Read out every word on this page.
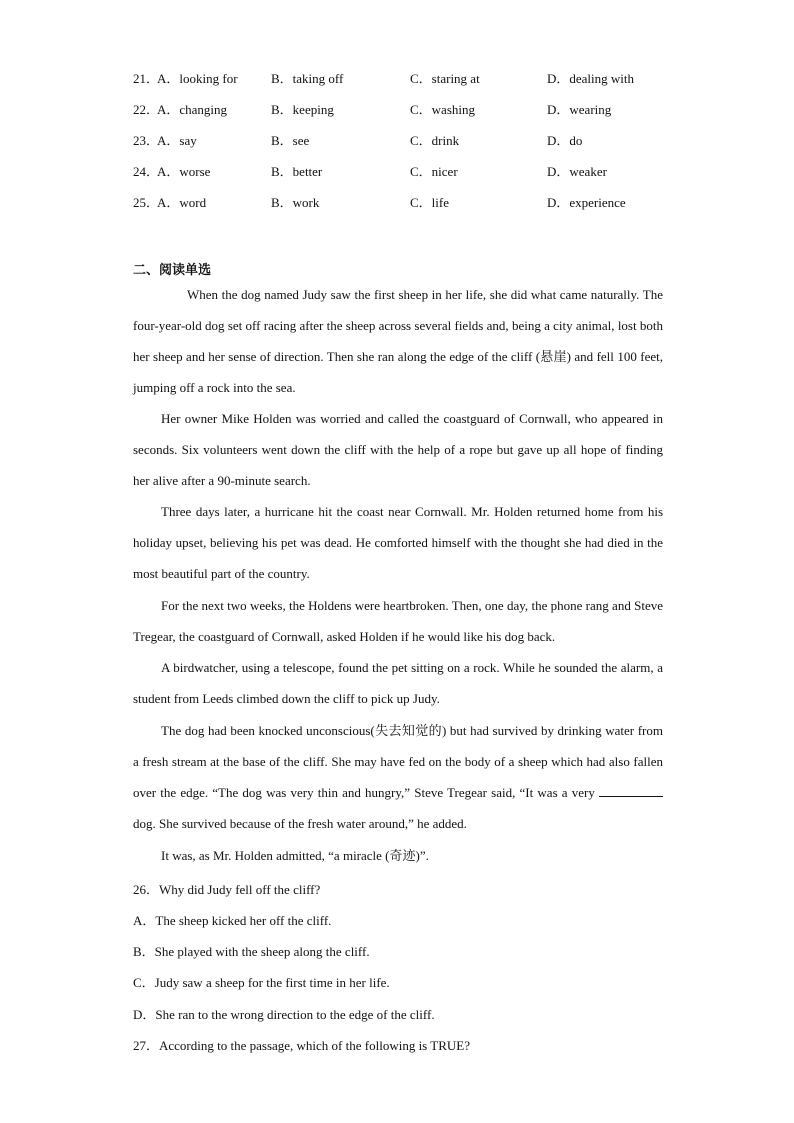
21．
A．looking for	B．taking off	C．staring at	D．dealing with
22．
A．changing	B．keeping	C．washing	D．wearing
23．
A．say	B．see	C．drink	D．do
24．
A．worse	B．better	C．nicer	D．weaker
25．
A．word	B．work	C．life	D．experience
二、阅读单选
When the dog named Judy saw the first sheep in her life, she did what came naturally. The four-year-old dog set off racing after the sheep across several fields and, being a city animal, lost both her sheep and her sense of direction. Then she ran along the edge of the cliff (悬崖) and fell 100 feet, jumping off a rock into the sea.
Her owner Mike Holden was worried and called the coastguard of Cornwall, who appeared in seconds. Six volunteers went down the cliff with the help of a rope but gave up all hope of finding her alive after a 90-minute search.
Three days later, a hurricane hit the coast near Cornwall. Mr. Holden returned home from his holiday upset, believing his pet was dead. He comforted himself with the thought she had died in the most beautiful part of the country.
For the next two weeks, the Holdens were heartbroken. Then, one day, the phone rang and Steve Tregear, the coastguard of Cornwall, asked Holden if he would like his dog back.
A birdwatcher, using a telescope, found the pet sitting on a rock. While he sounded the alarm, a student from Leeds climbed down the cliff to pick up Judy.
The dog had been knocked unconscious(失去知觉的) but had survived by drinking water from a fresh stream at the base of the cliff. She may have fed on the body of a sheep which had also fallen over the edge. “The dog was very thin and hungry,” Steve Tregear said, “It was a very  dog. She survived because of the fresh water around,” he added.
It was, as Mr. Holden admitted, “a miracle (奇迹)”.
26．Why did Judy fell off the cliff?
A．The sheep kicked her off the cliff.
B．She played with the sheep along the cliff.
C．Judy saw a sheep for the first time in her life.
D．She ran to the wrong direction to the edge of the cliff.
27．According to the passage, which of the following is TRUE?
